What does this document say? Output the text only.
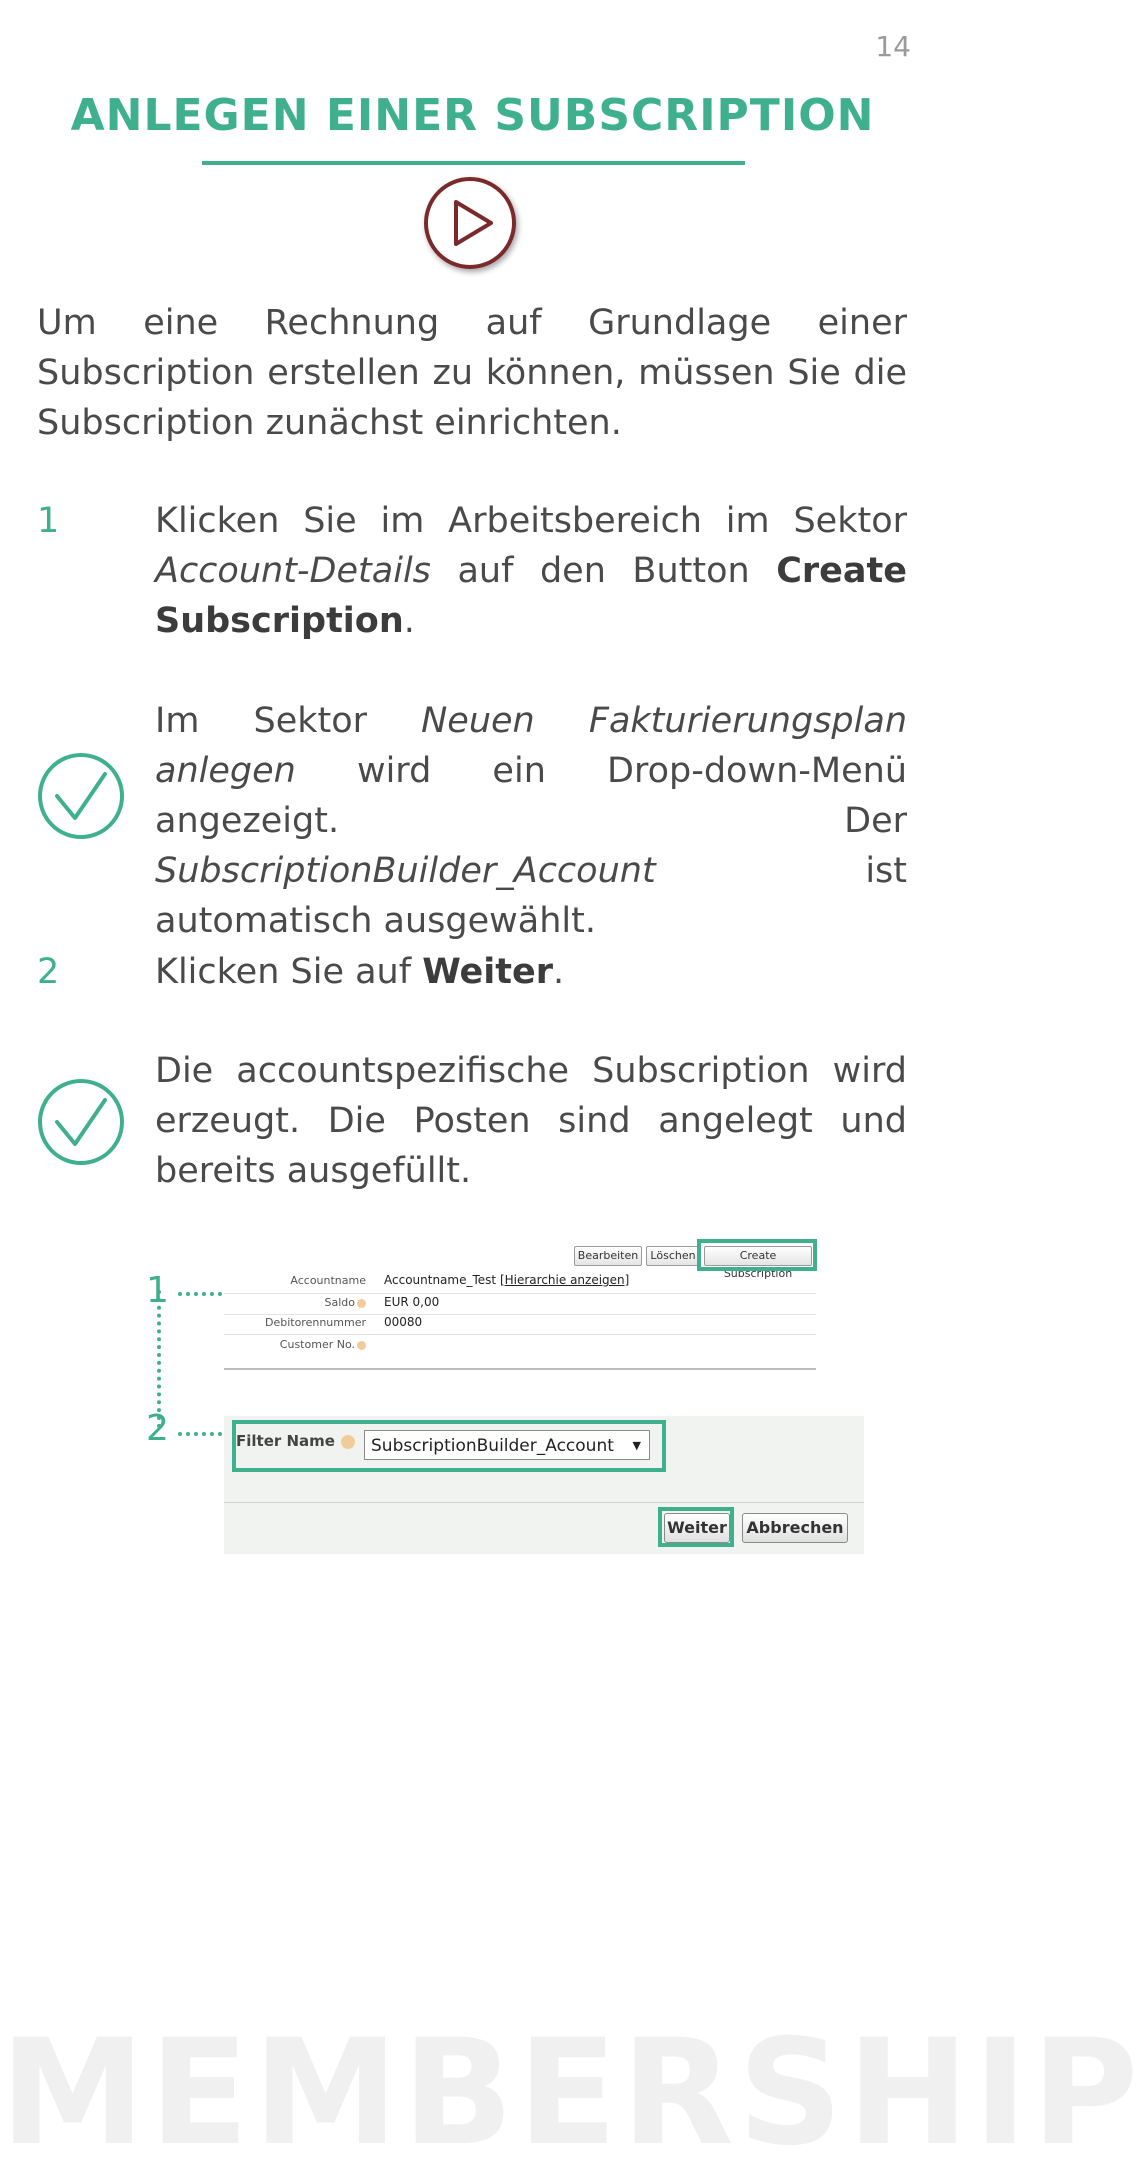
14
ANLEGEN EINER SUBSCRIPTION
Um eine Rechnung auf Grundlage einer Subscription erstellen zu können, müssen Sie die Subscription zunächst einrichten.
1	Klicken Sie im Arbeitsbereich im Sektor Account-Details auf den Button Create Subscription.
Im Sektor Neuen Fakturierungsplan anlegen wird ein Drop-down-Menü angezeigt. Der SubscriptionBuilder_Account ist automatisch ausgewählt.
2	Klicken Sie auf Weiter.
Die accountspezifische Subscription wird erzeugt. Die Posten sind angelegt und bereits ausgefüllt.
1
2
Bearbeiten	Löschen	Create Subscription
Accountname Accountname_Test [Hierarchie anzeigen]
Saldo	EUR 0,00
Debitorennummer 00080
Customer No.
Filter Name	SubscriptionBuilder_Account ▼
Weiter Abbrechen
MEMBERSHIP
